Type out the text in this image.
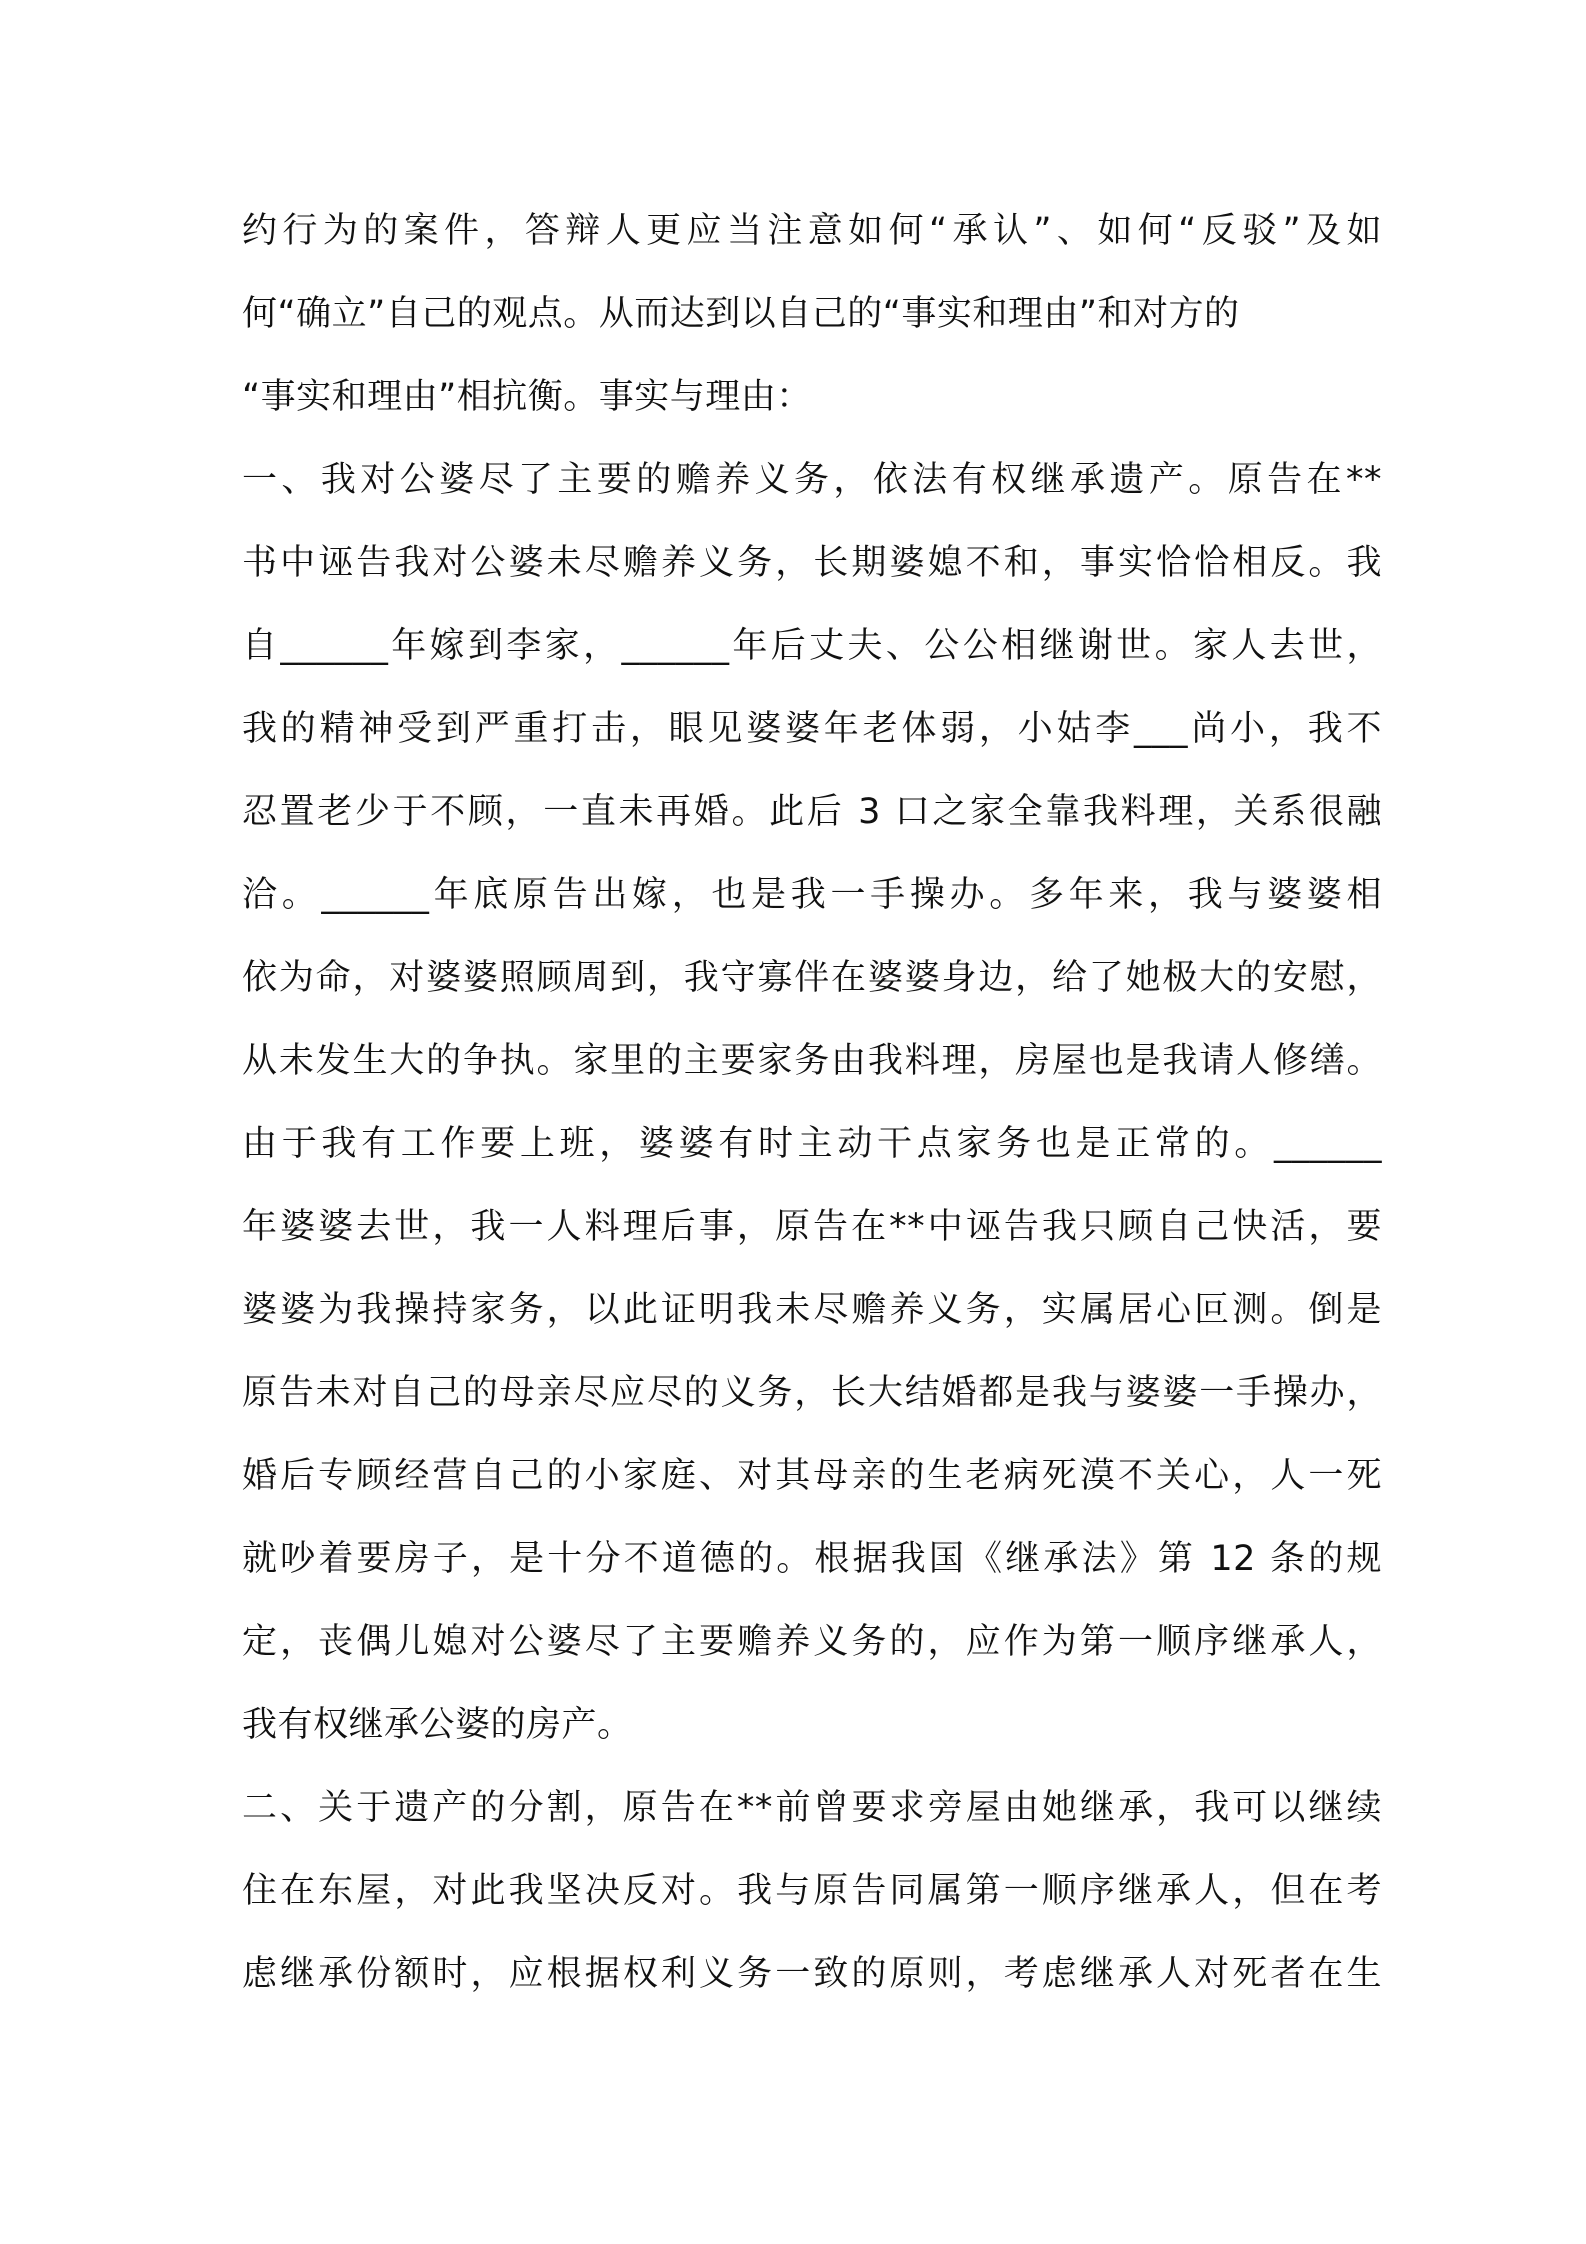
约行为的案件，答辩人更应当注意如何“承认”、如何“反驳”及如
何“确立”自己的观点。从而达到以自己的“事实和理由”和对方的
“事实和理由”相抗衡。事实与理由：
一、我对公婆尽了主要的赡养义务，依法有权继承遗产。原告在**
书中诬告我对公婆未尽赡养义务，长期婆媳不和，事实恰恰相反。我
自______年嫁到李家，______年后丈夫、公公相继谢世。家人去世，
我的精神受到严重打击，眼见婆婆年老体弱，小姑李___尚小，我不
忍置老少于不顾，一直未再婚。此后 3 口之家全靠我料理，关系很融
洽。______年底原告出嫁，也是我一手操办。多年来，我与婆婆相
依为命，对婆婆照顾周到，我守寡伴在婆婆身边，给了她极大的安慰，
从未发生大的争执。家里的主要家务由我料理，房屋也是我请人修缮。
由于我有工作要上班，婆婆有时主动干点家务也是正常的。______
年婆婆去世，我一人料理后事，原告在**中诬告我只顾自己快活，要
婆婆为我操持家务，以此证明我未尽赡养义务，实属居心叵测。倒是
原告未对自己的母亲尽应尽的义务，长大结婚都是我与婆婆一手操办，
婚后专顾经营自己的小家庭、对其母亲的生老病死漠不关心，人一死
就吵着要房子，是十分不道德的。根据我国《继承法》第 12 条的规
定，丧偶儿媳对公婆尽了主要赡养义务的，应作为第一顺序继承人，
我有权继承公婆的房产。
二、关于遗产的分割，原告在**前曾要求旁屋由她继承，我可以继续
住在东屋，对此我坚决反对。我与原告同属第一顺序继承人，但在考
虑继承份额时，应根据权利义务一致的原则，考虑继承人对死者在生
